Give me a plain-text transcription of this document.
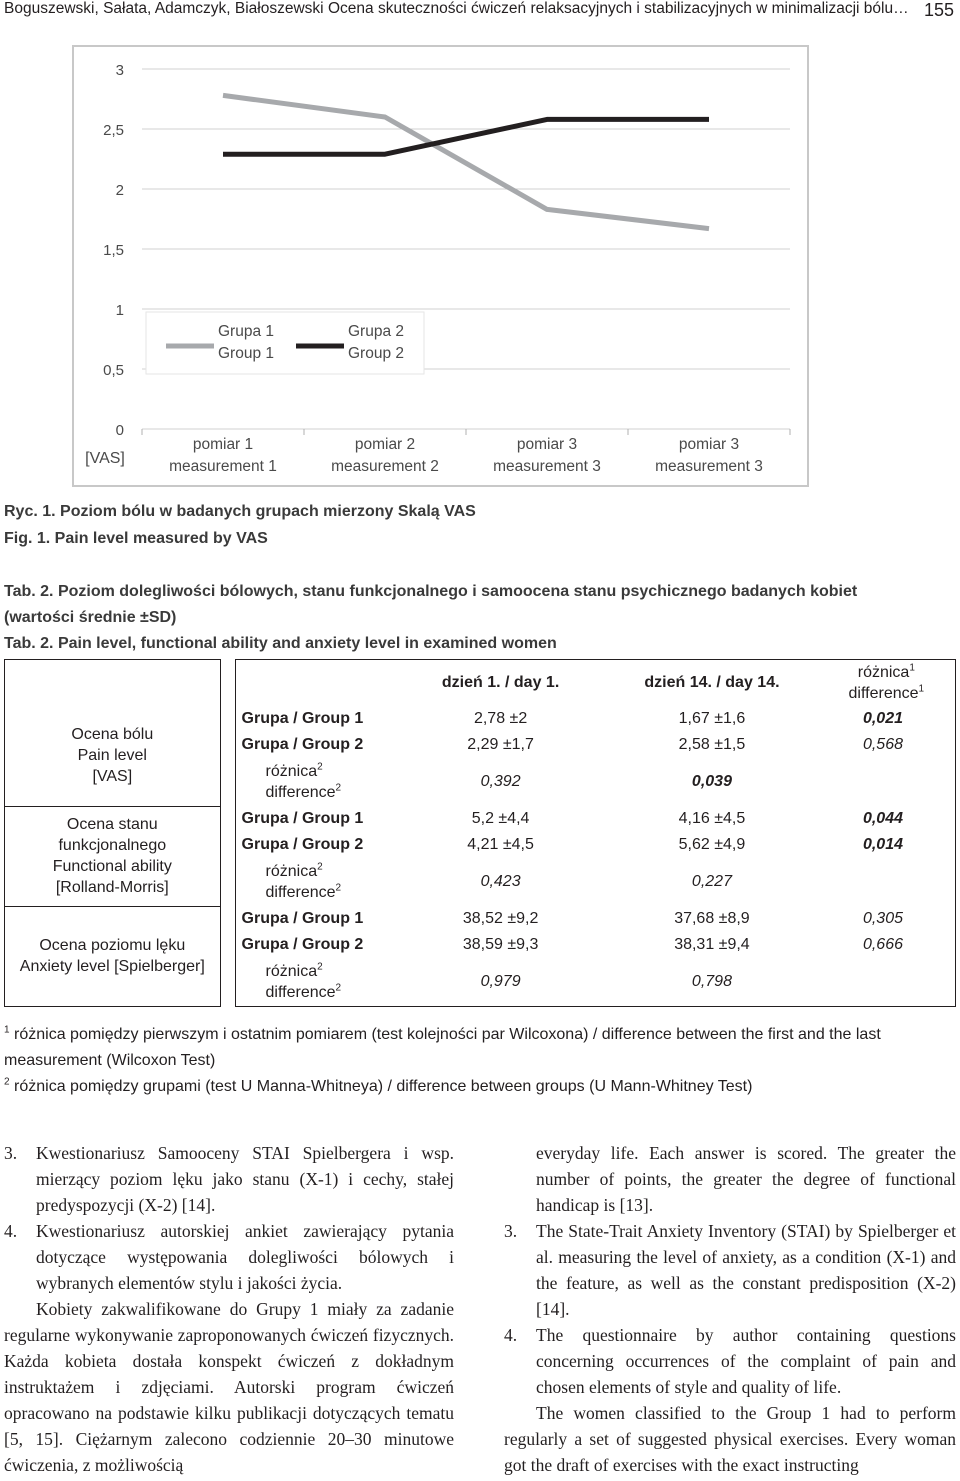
Boguszewski, Sałata, Adamczyk, Białoszewski Ocena skuteczności ćwiczeń relaksacyjnych i stabilizacyjnych w minimalizacji bólu… 155
3
2,5
2
1,5
1
0,5
0
[VAS]
pomiar 1
measurement 1
pomiar 2
measurement 2
pomiar 3
measurement 3
pomiar 3
measurement 3
Grupa 1
Group 1
Grupa 2
Group 2
Ryc. 1. Poziom bólu w badanych grupach mierzony Skalą VAS
Fig. 1. Pain level measured by VAS
Tab. 2. Poziom dolegliwości bólowych, stanu funkcjonalnego i samoocena stanu psychicznego badanych kobiet
(wartości średnie ±SD)
Tab. 2. Pain level, functional ability and anxiety level in examined women
			dzień 1. / day 1.	dzień 14. / day 14.	różnica$^1$
difference$^1$

Ocena bólu
Pain level
[VAS]		Grupa / Group 1	2,78 ±2	1,67 ±1,6	0,021
		Grupa / Group 2	2,29 ±1,7	2,58 ±1,5	0,568

		różnica$^2$
difference$^2$	0,392	0,039	

Ocena stanu
funkcjonalnego
Functional ability
[Rolland-Morris]		Grupa / Group 1	5,2 ±4,4	4,16 ±4,5	0,044
		Grupa / Group 2	4,21 ±4,5	5,62 ±4,9	0,014

		różnica$^2$
difference$^2$	0,423	0,227	

Ocena poziomu lęku
Anxiety level [Spielberger]		Grupa / Group 1	38,52 ±9,2	37,68 ±8,9	0,305
		Grupa / Group 2	38,59 ±9,3	38,31 ±9,4	0,666

		różnica$^2$
difference$^2$	0,979	0,798	
$^1$ różnica pomiędzy pierwszym i ostatnim pomiarem (test kolejności par Wilcoxona) / difference between the first and the last
measurement (Wilcoxon Test)
$^2$ różnica pomiędzy grupami (test U Manna-Whitneya) / difference between groups (U Mann-Whitney Test)
3. Kwestionariusz Samooceny STAI Spielbergera i wsp. mierzący poziom lęku jako stanu (X-1) i cechy, stałej predyspozycji (X-2) [14].
4. Kwestionariusz autorskiej ankiet zawierający pytania dotyczące występowania dolegliwości bólowych i wybranych elementów stylu i jakości życia.
Kobiety zakwalifikowane do Grupy 1 miały za zadanie regularne wykonywanie zaproponowanych ćwiczeń fizycznych. Każda kobieta dostała konspekt ćwiczeń z dokładnym instruktażem i zdjęciami. Autorski program ćwiczeń opracowano na podstawie kilku publikacji dotyczących tematu [5, 15]. Ciężarnym zalecono codziennie 20–30 minutowe ćwiczenia, z możliwością
everyday life. Each answer is scored. The greater the number of points, the greater the degree of functional handicap is [13].
3. The State-Trait Anxiety Inventory (STAI) by Spielberger et al. measuring the level of anxiety, as a condition (X-1) and the feature, as well as the constant predisposition (X-2) [14].
4. The questionnaire by author containing questions concerning occurrences of the complaint of pain and chosen elements of style and quality of life.
The women classified to the Group 1 had to perform regularly a set of suggested physical exercises. Every woman got the draft of exercises with the exact instructing
